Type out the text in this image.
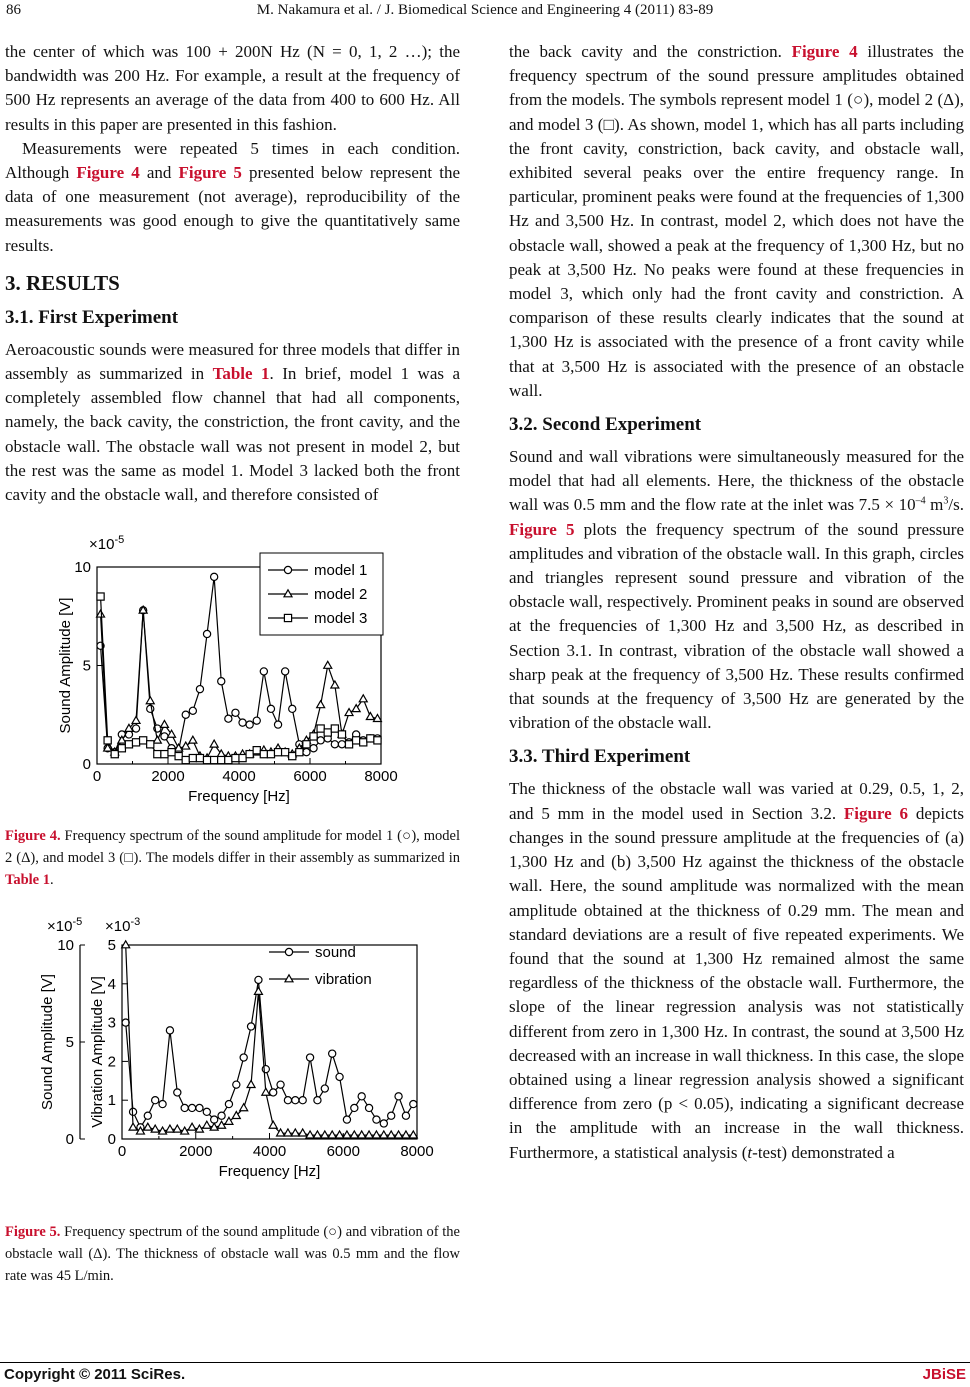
86	M. Nakamura et al. / J. Biomedical Science and Engineering 4 (2011) 83-89

the center of which was 100 + 200N Hz (N = 0, 1, 2 …); the bandwidth was 200 Hz. For example, a result at the frequency of 500 Hz represents an average of the data from 400 to 600 Hz. All results in this paper are presented in this fashion.

Measurements were repeated 5 times in each condition. Although Figure 4 and Figure 5 presented below represent the data of one measurement (not average), reproducibility of the measurements was good enough to give the quantitatively same results.

3. RESULTS
3.1. First Experiment

Aeroacoustic sounds were measured for three models that differ in assembly as summarized in Table 1. In brief, model 1 was a completely assembled flow channel that had all components, namely, the back cavity, the constriction, the front cavity, and the obstacle wall. The obstacle wall was not present in model 2, but the rest was the same as model 1. Model 3 lacked both the front cavity and the obstacle wall, and therefore consisted of

0	2000	4000	6000	8000
0
5
10
Frequency [Hz]
Sound Amplitude [V]
$\times 10^{-5}$
model 1
model 2
model 3

Figure 4. Frequency spectrum of the sound amplitude for model 1 (○), model 2 (Δ), and model 3 (□). The models differ in their assembly as summarized in Table 1.

0	2000	4000	6000	8000
0
5
10
0
1
2
3
4
5
Frequency [Hz]
Sound Amplitude [V] Vibration Amplitude [V]
$\times 10^{-5} \times 10^{-3}$
sound
vibration

Figure 5. Frequency spectrum of the sound amplitude (○) and vibration of the obstacle wall (Δ). The thickness of obstacle wall was 0.5 mm and the flow rate was 45 L/min.

the back cavity and the constriction. Figure 4 illustrates the frequency spectrum of the sound pressure amplitudes obtained from the models. The symbols represent model 1 (○), model 2 (Δ), and model 3 (□). As shown, model 1, which has all parts including the front cavity, constriction, back cavity, and obstacle wall, exhibited several peaks over the entire frequency range. In particular, prominent peaks were found at the frequencies of 1,300 Hz and 3,500 Hz. In contrast, model 2, which does not have the obstacle wall, showed a peak at the frequency of 1,300 Hz, but no peak at 3,500 Hz. No peaks were found at these frequencies in model 3, which only had the front cavity and constriction. A comparison of these results clearly indicates that the sound at 1,300 Hz is associated with the presence of a front cavity while that at 3,500 Hz is associated with the presence of an obstacle wall.

3.2. Second Experiment

Sound and wall vibrations were simultaneously measured for the model that had all elements. Here, the thickness of the obstacle wall was 0.5 mm and the flow rate at the inlet was $7.5 \times 10^{-4}$ $m^3/s$. Figure 5 plots the frequency spectrum of the sound pressure amplitudes and vibration of the obstacle wall. In this graph, circles and triangles represent sound pressure and vibration of the obstacle wall, respectively. Prominent peaks in sound are observed at the frequencies of 1,300 Hz and 3,500 Hz, as described in Section 3.1. In contrast, vibration of the obstacle wall showed a sharp peak at the frequency of 3,500 Hz. These results confirmed that sounds at the frequency of 3,500 Hz are generated by the vibration of the obstacle wall.

3.3. Third Experiment

The thickness of the obstacle wall was varied at 0.29, 0.5, 1, 2, and 5 mm in the model used in Section 3.2. Figure 6 depicts changes in the sound pressure amplitude at the frequencies of (a) 1,300 Hz and (b) 3,500 Hz against the thickness of the obstacle wall. Here, the sound amplitude was normalized with the mean amplitude obtained at the thickness of 0.29 mm. The mean and standard deviations are a result of five repeated experiments. We found that the sound at 1,300 Hz remained almost the same regardless of the thickness of the obstacle wall. Furthermore, the slope of the linear regression analysis was not statistically different from zero in 1,300 Hz. In contrast, the sound at 3,500 Hz decreased with an increase in wall thickness. In this case, the slope obtained using a linear regression analysis showed a significant difference from zero (p < 0.05), indicating a significant decrease in the amplitude with an increase in the wall thickness. Furthermore, a statistical analysis (t-test) demonstrated a

Copyright © 2011 SciRes.	JBiSE
